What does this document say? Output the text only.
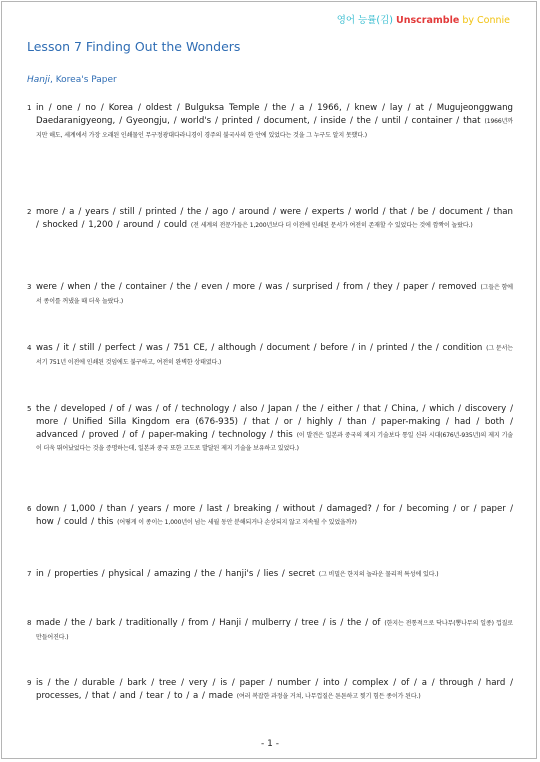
영어 능률(김) Unscramble by Connie
Lesson 7 Finding Out the Wonders
Hanji, Korea's Paper
1 in / one / no / Korea / oldest / Bulguksa Temple / the / a / 1966, / knew / lay / at / Mugujeonggwang Daedaranigyeong, / Gyeongju, / world's / printed / document, / inside / the / until / container / that (1966년까지만 해도, 세계에서 가장 오래된 인쇄물인 무구정광대다라니경이 경주의 불국사의 한 안에 있었다는 것을 그 누구도 알지 못했다.)
2 more / a / years / still / printed / the / ago / around / were / experts / world / that / be / document / than / shocked / 1,200 / around / could (전 세계의 전문가들은 1,200년보다 더 이전에 인쇄된 문서가 여전히 존재할 수 있었다는 것에 깜짝이 놀랐다.)
3 were / when / the / container / the / even / more / was / surprised / from / they / paper / removed (그들은 함에서 종이를 꺼냈을 때 더욱 놀랐다.)
4 was / it / still / perfect / was / 751 CE, / although / document / before / in / printed / the / condition (그 문서는 서기 751년 이전에 인쇄된 것임에도 불구하고, 여전히 완벽한 상태였다.)
5 the / developed / of / was / of / technology / also / Japan / the / either / that / China, / which / discovery / more / Unified Silla Kingdom era (676-935) / that / or / highly / than / paper-making / had / both / advanced / proved / of / paper-making / technology / this (이 발견은 일본과 중국의 제지 기술보다 통일 신라 시대(676년-935년)의 제지 기술이 더욱 뛰어났었다는 것을 증명하는데, 일본과 중국 또한 고도로 발달된 제지 기술을 보유하고 있었다.)
6 down / 1,000 / than / years / more / last / breaking / without / damaged? / for / becoming / or / paper / how / could / this (어떻게 이 종이는 1,000년이 넘는 세월 동안 분해되거나 손상되지 않고 지속될 수 있었을까?)
7 in / properties / physical / amazing / the / hanji's / lies / secret (그 비밀은 한지의 놀라운 물리적 특성에 있다.)
8 made / the / bark / traditionally / from / Hanji / mulberry / tree / is / the / of (한지는 전통적으로 닥나무(뽕나무의 일종) 껍질로 만들어진다.)
9 is / the / durable / bark / tree / very / is / paper / number / into / complex / of / a / through / hard / processes, / that / and / tear / to / a / made (여러 복잡한 과정을 거쳐, 나무껍질은 튼튼하고 찢기 힘든 종이가 된다.)
- 1 -
